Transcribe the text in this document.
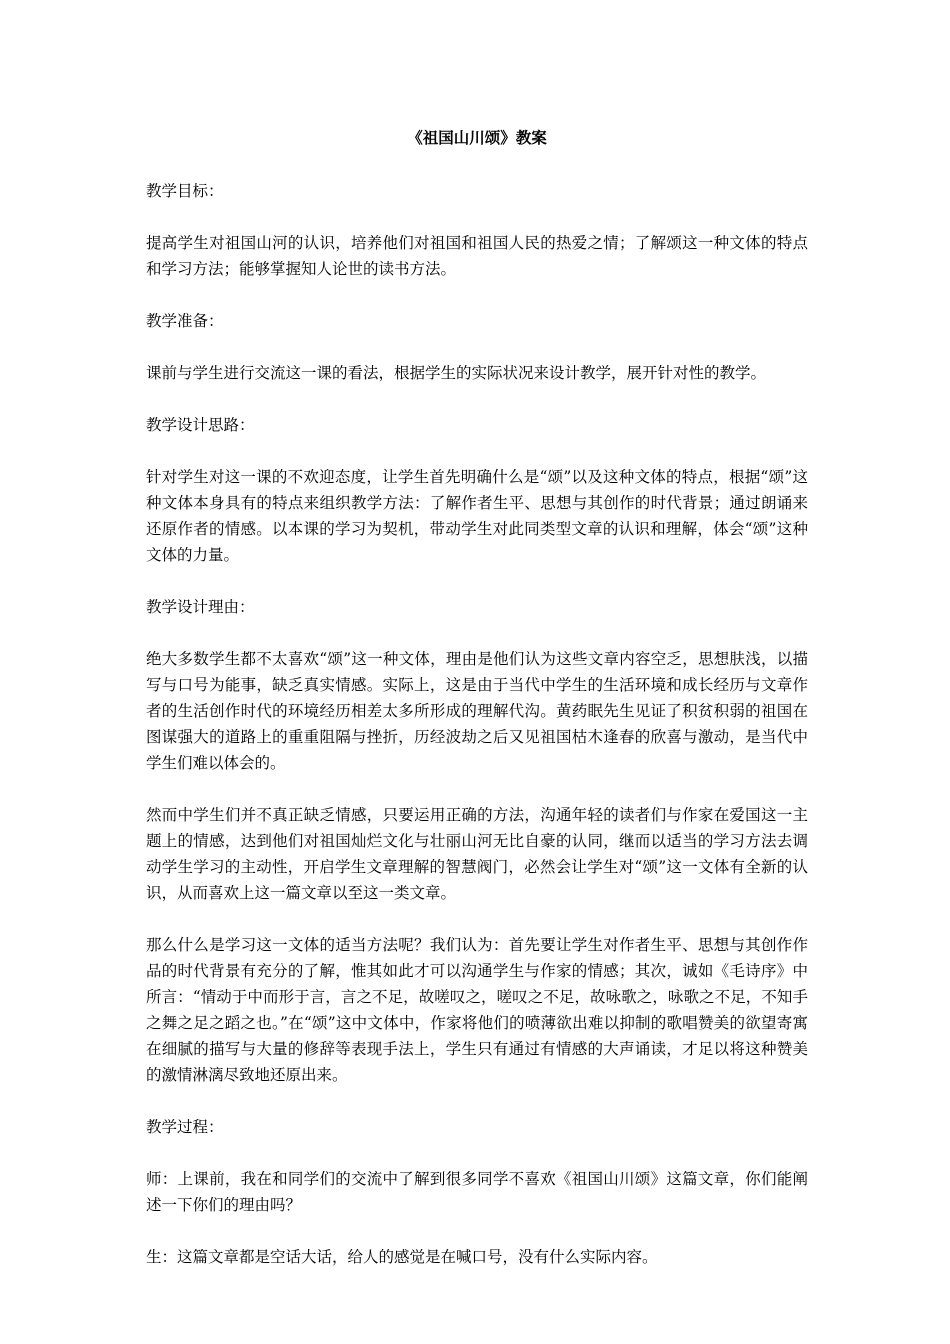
《祖国山川颂》教案
教学目标：
提高学生对祖国山河的认识，培养他们对祖国和祖国人民的热爱之情；了解颂这一种文体的特点和学习方法；能够掌握知人论世的读书方法。
教学准备：
课前与学生进行交流这一课的看法，根据学生的实际状况来设计教学，展开针对性的教学。
教学设计思路：
针对学生对这一课的不欢迎态度，让学生首先明确什么是“颂”以及这种文体的特点，根据“颂”这种文体本身具有的特点来组织教学方法：了解作者生平、思想与其创作的时代背景；通过朗诵来还原作者的情感。以本课的学习为契机，带动学生对此同类型文章的认识和理解，体会“颂”这种文体的力量。
教学设计理由：
绝大多数学生都不太喜欢“颂”这一种文体，理由是他们认为这些文章内容空乏，思想肤浅，以描写与口号为能事，缺乏真实情感。实际上，这是由于当代中学生的生活环境和成长经历与文章作者的生活创作时代的环境经历相差太多所形成的理解代沟。黄药眠先生见证了积贫积弱的祖国在图谋强大的道路上的重重阻隔与挫折，历经波劫之后又见祖国枯木逢春的欣喜与激动，是当代中学生们难以体会的。
然而中学生们并不真正缺乏情感，只要运用正确的方法，沟通年轻的读者们与作家在爱国这一主题上的情感，达到他们对祖国灿烂文化与壮丽山河无比自豪的认同，继而以适当的学习方法去调动学生学习的主动性，开启学生文章理解的智慧阀门，必然会让学生对“颂”这一文体有全新的认识，从而喜欢上这一篇文章以至这一类文章。
那么什么是学习这一文体的适当方法呢？我们认为：首先要让学生对作者生平、思想与其创作作品的时代背景有充分的了解，惟其如此才可以沟通学生与作家的情感；其次，诚如《毛诗序》中所言：“情动于中而形于言，言之不足，故嗟叹之，嗟叹之不足，故咏歌之，咏歌之不足，不知手之舞之足之蹈之也。”在“颂”这中文体中，作家将他们的喷薄欲出难以抑制的歌唱赞美的欲望寄寓在细腻的描写与大量的修辞等表现手法上，学生只有通过有情感的大声诵读，才足以将这种赞美的激情淋漓尽致地还原出来。
教学过程：
师：上课前，我在和同学们的交流中了解到很多同学不喜欢《祖国山川颂》这篇文章，你们能阐述一下你们的理由吗？
生：这篇文章都是空话大话，给人的感觉是在喊口号，没有什么实际内容。
